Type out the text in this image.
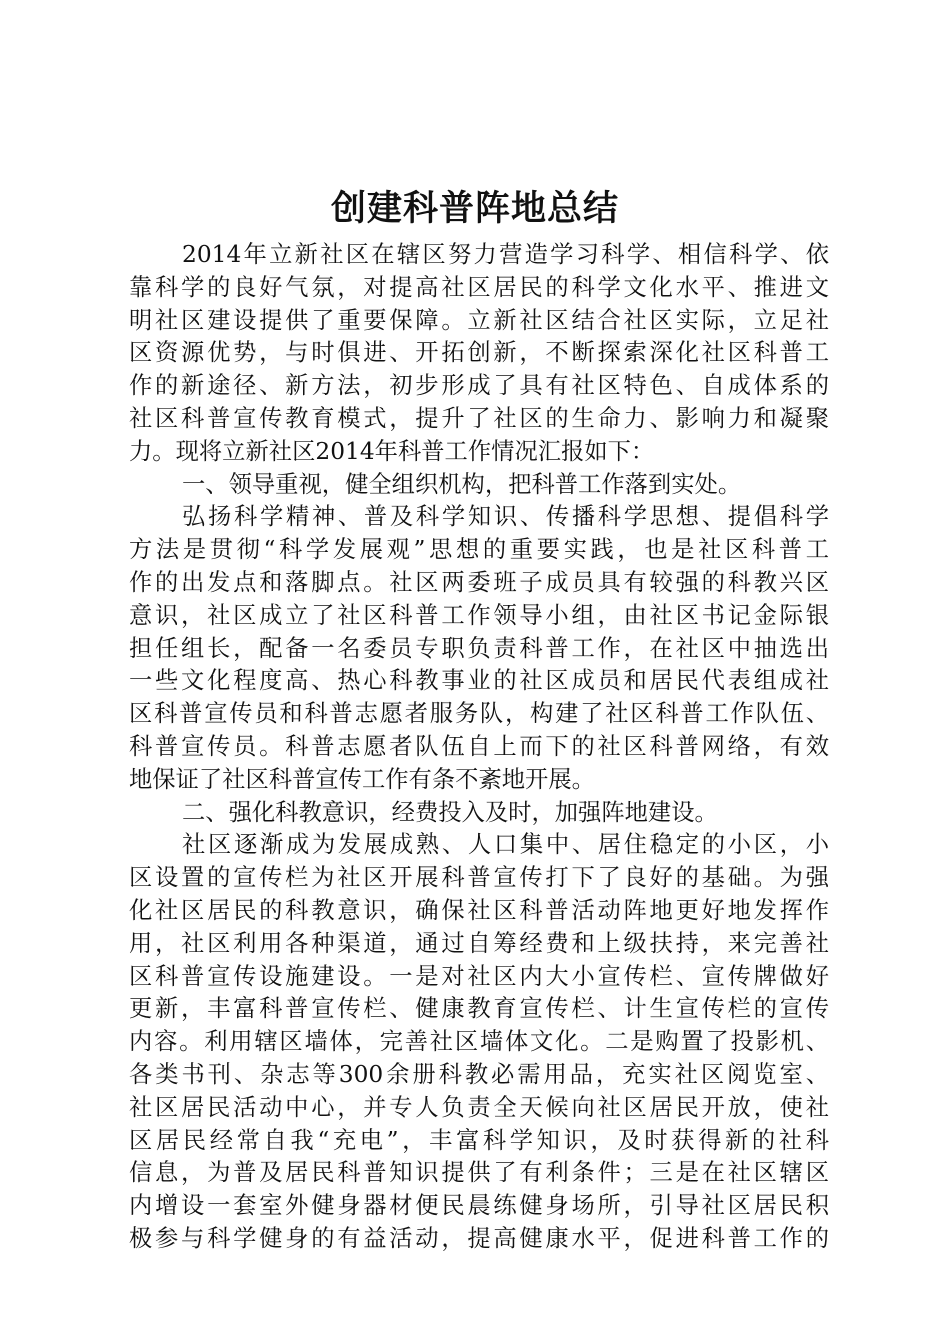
创建科普阵地总结

2014年立新社区在辖区努力营造学习科学、相信科学、依

靠科学的良好气氛，对提高社区居民的科学文化水平、推进文

明社区建设提供了重要保障。立新社区结合社区实际，立足社

区资源优势，与时俱进、开拓创新，不断探索深化社区科普工

作的新途径、新方法，初步形成了具有社区特色、自成体系的

社区科普宣传教育模式，提升了社区的生命力、影响力和凝聚

力。现将立新社区2014年科普工作情况汇报如下：

一、领导重视，健全组织机构，把科普工作落到实处。

弘扬科学精神、普及科学知识、传播科学思想、提倡科学

方法是贯彻“科学发展观”思想的重要实践，也是社区科普工

作的出发点和落脚点。社区两委班子成员具有较强的科教兴区

意识，社区成立了社区科普工作领导小组，由社区书记金际银

担任组长，配备一名委员专职负责科普工作，在社区中抽选出

一些文化程度高、热心科教事业的社区成员和居民代表组成社

区科普宣传员和科普志愿者服务队，构建了社区科普工作队伍、

科普宣传员。科普志愿者队伍自上而下的社区科普网络，有效

地保证了社区科普宣传工作有条不紊地开展。

二、强化科教意识，经费投入及时，加强阵地建设。

社区逐渐成为发展成熟、人口集中、居住稳定的小区，小

区设置的宣传栏为社区开展科普宣传打下了良好的基础。为强

化社区居民的科教意识，确保社区科普活动阵地更好地发挥作

用，社区利用各种渠道，通过自筹经费和上级扶持，来完善社

区科普宣传设施建设。一是对社区内大小宣传栏、宣传牌做好

更新，丰富科普宣传栏、健康教育宣传栏、计生宣传栏的宣传

内容。利用辖区墙体，完善社区墙体文化。二是购置了投影机、

各类书刊、杂志等300余册科教必需用品，充实社区阅览室、

社区居民活动中心，并专人负责全天候向社区居民开放，使社

区居民经常自我“充电”，丰富科学知识，及时获得新的社科

信息，为普及居民科普知识提供了有利条件；三是在社区辖区

内增设一套室外健身器材便民晨练健身场所，引导社区居民积

极参与科学健身的有益活动，提高健康水平，促进科普工作的
